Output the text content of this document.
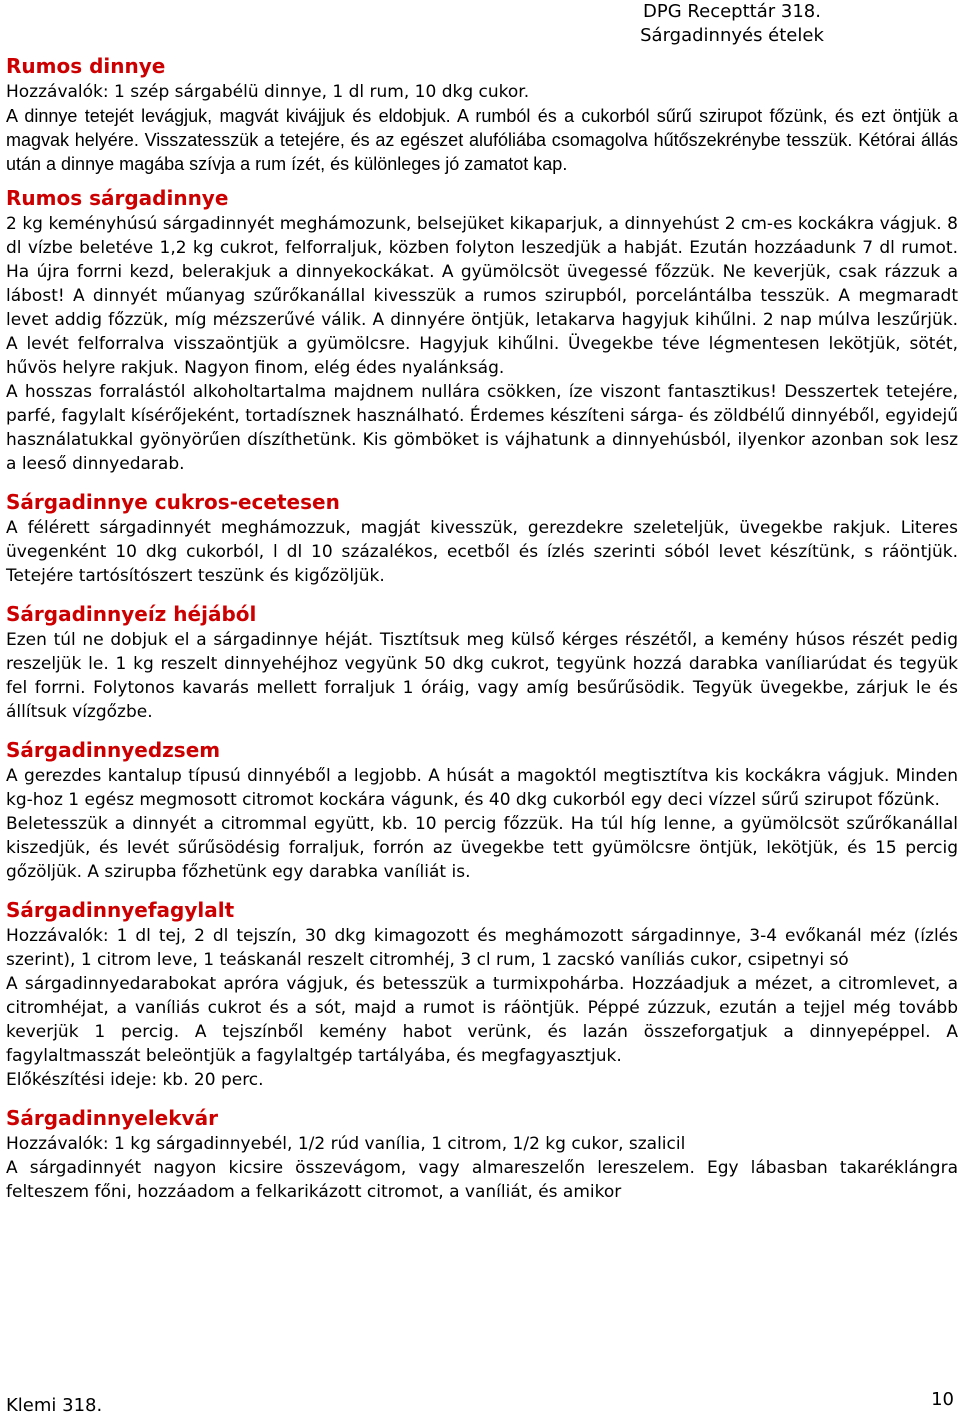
DPG Recepttár 318.
Sárgadinnyés ételek
Rumos dinnye

Hozzávalók: 1 szép sárgabélü dinnye, 1 dl rum, 10 dkg cukor.

A dinnye tetejét levágjuk, magvát kivájjuk és eldobjuk. A rumból és a cukorból sűrű szirupot főzünk, és ezt öntjük a magvak helyére. Visszatesszük a tetejére, és az egészet alufóliába csomagolva hűtőszekrénybe tesszük. Kétórai állás után a dinnye magába szívja a rum ízét, és különleges jó zamatot kap.

Rumos sárgadinnye

2 kg keményhúsú sárgadinnyét meghámozunk, belsejüket kikaparjuk, a dinnyehúst 2 cm-es kockákra vágjuk. 8 dl vízbe beletéve 1,2 kg cukrot, felforraljuk, közben folyton leszedjük a habját. Ezután hozzáadunk 7 dl rumot. Ha újra forrni kezd, belerakjuk a dinnyekockákat. A gyümölcsöt üvegessé főzzük. Ne keverjük, csak rázzuk a lábost! A dinnyét műanyag szűrőkanállal kivesszük a rumos szirupból, porcelántálba tesszük. A megmaradt levet addig főzzük, míg mézszerűvé válik. A dinnyére öntjük, letakarva hagyjuk kihűlni. 2 nap múlva leszűrjük. A levét felforralva visszaöntjük a gyümölcsre. Hagyjuk kihűlni. Üvegekbe téve légmentesen lekötjük, sötét, hűvös helyre rakjuk. Nagyon finom, elég édes nyalánkság.

A hosszas forralástól alkoholtartalma majdnem nullára csökken, íze viszont fantasztikus! Desszertek tetejére, parfé, fagylalt kísérőjeként, tortadísznek használható. Érdemes készíteni sárga- és zöldbélű dinnyéből, egyidejű használatukkal gyönyörűen díszíthetünk. Kis gömböket is vájhatunk a dinnyehúsból, ilyenkor azonban sok lesz a leeső dinnyedarab.

Sárgadinnye cukros-ecetesen

A félérett sárgadinnyét meghámozzuk, magját kivesszük, gerezdekre szeleteljük, üvegekbe rakjuk. Literes üvegenként 10 dkg cukorból, l dl 10 százalékos, ecetből és ízlés szerinti sóból levet készítünk, s ráöntjük. Tetejére tartósítószert teszünk és kigőzöljük.

Sárgadinnyeíz héjából

Ezen túl ne dobjuk el a sárgadinnye héját. Tisztítsuk meg külső kérges részétől, a kemény húsos részét pedig reszeljük le. 1 kg reszelt dinnyehéjhoz vegyünk 50 dkg cukrot, tegyünk hozzá darabka vaníliarúdat és tegyük fel forrni. Folytonos kavarás mellett forraljuk 1 óráig, vagy amíg besűrűsödik. Tegyük üvegekbe, zárjuk le és állítsuk vízgőzbe.

Sárgadinnyedzsem

A gerezdes kantalup típusú dinnyéből a legjobb. A húsát a magoktól megtisztítva kis kockákra vágjuk. Minden kg-hoz 1 egész megmosott citromot kockára vágunk, és 40 dkg cukorból egy deci vízzel sűrű szirupot főzünk.

Beletesszük a dinnyét a citrommal együtt, kb. 10 percig főzzük. Ha túl híg lenne, a gyümölcsöt szűrőkanállal kiszedjük, és levét sűrűsödésig forraljuk, forrón az üvegekbe tett gyümölcsre öntjük, lekötjük, és 15 percig gőzöljük. A szirupba főzhetünk egy darabka vaníliát is.

Sárgadinnyefagylalt

Hozzávalók: 1 dl tej, 2 dl tejszín, 30 dkg kimagozott és meghámozott sárgadinnye, 3-4 evőkanál méz (ízlés szerint), 1 citrom leve, 1 teáskanál reszelt citromhéj, 3 cl rum, 1 zacskó vaníliás cukor, csipetnyi só

A sárgadinnyedarabokat apróra vágjuk, és betesszük a turmixpohárba. Hozzáadjuk a mézet, a citromlevet, a citromhéjat, a vaníliás cukrot és a sót, majd a rumot is ráöntjük. Péppé zúzzuk, ezután a tejjel még tovább keverjük 1 percig. A tejszínből kemény habot verünk, és lazán összeforgatjuk a dinnyepéppel. A fagylaltmasszát beleöntjük a fagylaltgép tartályába, és megfagyasztjuk.

Előkészítési ideje: kb. 20 perc.

Sárgadinnyelekvár

Hozzávalók: 1 kg sárgadinnyebél, 1/2 rúd vanília, 1 citrom, 1/2 kg cukor, szalicil

A sárgadinnyét nagyon kicsire összevágom, vagy almareszelőn lereszelem. Egy lábasban takaréklángra felteszem főni, hozzáadom a felkarikázott citromot, a vaníliát, és amikor

Klemi 318.	10
